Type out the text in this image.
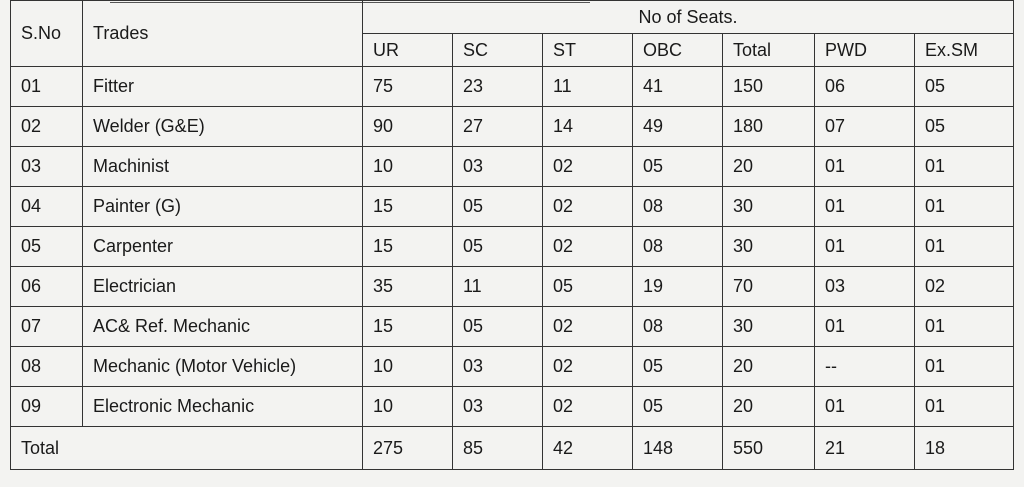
S.No	Trades	No of Seats.						
		UR	SC	ST	OBC	Total	PWD	Ex.SM
01	Fitter	75	23	11	41	150	06	05
02	Welder (G&E)	90	27	14	49	180	07	05
03	Machinist	10	03	02	05	20	01	01
04	Painter (G)	15	05	02	08	30	01	01
05	Carpenter	15	05	02	08	30	01	01
06	Electrician	35	11	05	19	70	03	02
07	AC& Ref. Mechanic	15	05	02	08	30	01	01
08	Mechanic (Motor Vehicle)	10	03	02	05	20	--	01
09	Electronic Mechanic	10	03	02	05	20	01	01
Total		275	85	42	148	550	21	18
